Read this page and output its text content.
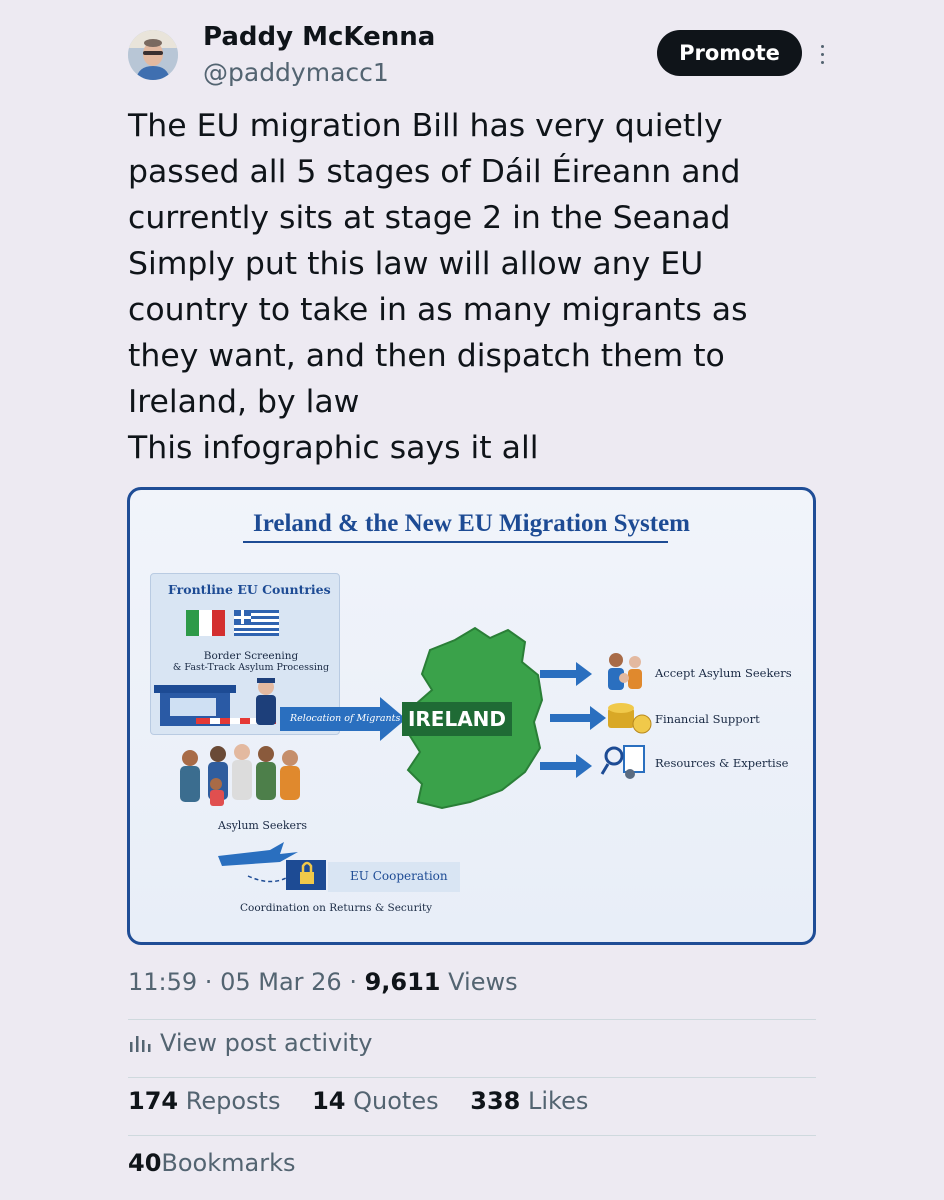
Paddy McKenna
@paddymacc1
Promote
The EU migration Bill has very quietly
passed all 5 stages of Dáil Éireann and
currently sits at stage 2 in the Seanad
Simply put this law will allow any EU
country to take in as many migrants as
they want, and then dispatch them to
Ireland, by law
This infographic says it all
Ireland & the New EU Migration System
Frontline EU Countries
Border Screening
& Fast-Track Asylum Processing
Relocation of Migrants IRELAND
Accept Asylum Seekers
Financial Support
Resources & Expertise
Asylum Seekers
EU Cooperation
Coordination on Returns & Security
11:59 · 05 Mar 26 · 9,611 Views
View post activity
174 Reposts 14 Quotes 338 Likes
40Bookmarks
